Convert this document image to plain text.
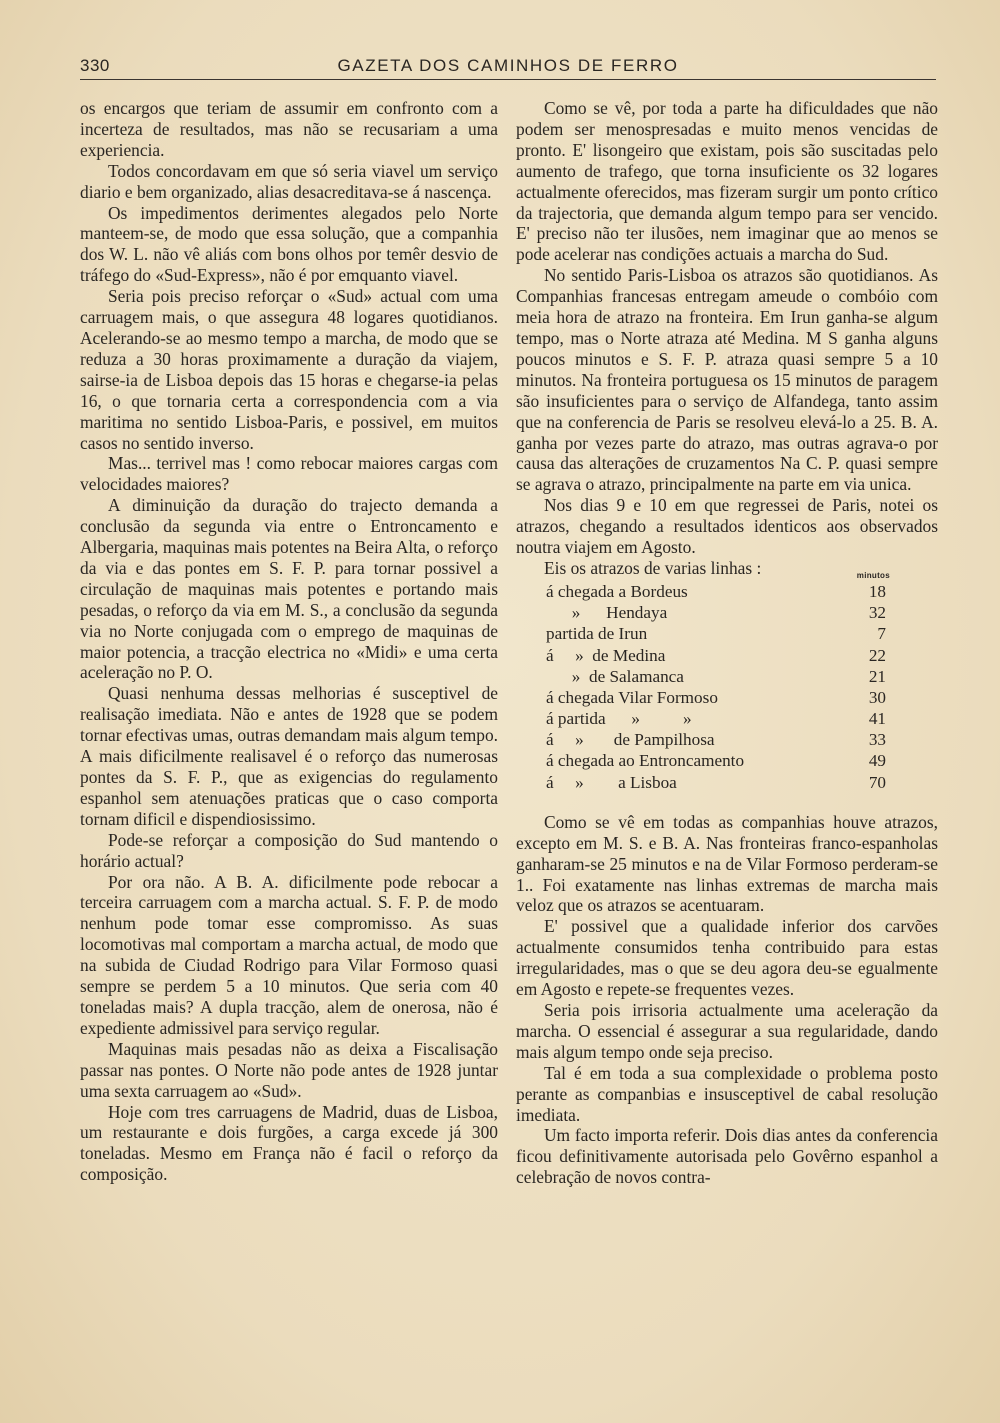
330	GAZETA DOS CAMINHOS DE FERRO

os encargos que teriam de assumir em confronto com a incerteza de resultados, mas não se recusariam a uma experiencia.

Todos concordavam em que só seria viavel um serviço diario e bem organizado, alias desacreditava-se á nascença.

Os impedimentos derimentes alegados pelo Norte manteem-se, de modo que essa solução, que a companhia dos W. L. não vê aliás com bons olhos por temêr desvio de tráfego do «Sud-Express», não é por emquanto viavel.

Seria pois preciso reforçar o «Sud» actual com uma carruagem mais, o que assegura 48 logares quotidianos. Acelerando-se ao mesmo tempo a marcha, de modo que se reduza a 30 horas proximamente a duração da viajem, sairse-ia de Lisboa depois das 15 horas e chegarse-ia pelas 16, o que tornaria certa a correspondencia com a via maritima no sentido Lisboa-Paris, e possivel, em muitos casos no sentido inverso.

Mas... terrivel mas ! como rebocar maiores cargas com velocidades maiores?

A diminuição da duração do trajecto demanda a conclusão da segunda via entre o Entroncamento e Albergaria, maquinas mais potentes na Beira Alta, o reforço da via e das pontes em S. F. P. para tornar possivel a circulação de maquinas mais potentes e portando mais pesadas, o reforço da via em M. S., a conclusão da segunda via no Norte conjugada com o emprego de maquinas de maior potencia, a tracção electrica no «Midi» e uma certa aceleração no P. O.

Quasi nenhuma dessas melhorias é susceptivel de realisação imediata. Não e antes de 1928 que se podem tornar efectivas umas, outras demandam mais algum tempo. A mais dificilmente realisavel é o reforço das numerosas pontes da S. F. P., que as exigencias do regulamento espanhol sem atenuações praticas que o caso comporta tornam dificil e dispendiosissimo.

Pode-se reforçar a composição do Sud mantendo o horário actual?

Por ora não. A B. A. dificilmente pode rebocar a terceira carruagem com a marcha actual. S. F. P. de modo nenhum pode tomar esse compromisso. As suas locomotivas mal comportam a marcha actual, de modo que na subida de Ciudad Rodrigo para Vilar Formoso quasi sempre se perdem 5 a 10 minutos. Que seria com 40 toneladas mais? A dupla tracção, alem de onerosa, não é expediente admissivel para serviço regular.

Maquinas mais pesadas não as deixa a Fiscalisação passar nas pontes. O Norte não pode antes de 1928 juntar uma sexta carruagem ao «Sud».

Hoje com tres carruagens de Madrid, duas de Lisboa, um restaurante e dois furgões, a carga excede já 300 toneladas. Mesmo em França não é facil o reforço da composição.

Como se vê, por toda a parte ha dificuldades que não podem ser menospresadas e muito menos vencidas de pronto. E' lisongeiro que existam, pois são suscitadas pelo aumento de trafego, que torna insuficiente os 32 logares actualmente oferecidos, mas fizeram surgir um ponto crítico da trajectoria, que demanda algum tempo para ser vencido. E' preciso não ter ilusões, nem imaginar que ao menos se pode acelerar nas condições actuais a marcha do Sud.

No sentido Paris-Lisboa os atrazos são quotidianos. As Companhias francesas entregam ameude o combóio com meia hora de atrazo na fronteira. Em Irun ganha-se algum tempo, mas o Norte atraza até Medina. M S ganha alguns poucos minutos e S. F. P. atraza quasi sempre 5 a 10 minutos. Na fronteira portuguesa os 15 minutos de paragem são insuficientes para o serviço de Alfandega, tanto assim que na conferencia de Paris se resolveu elevá-lo a 25. B. A. ganha por vezes parte do atrazo, mas outras agrava-o por causa das alterações de cruzamentos Na C. P. quasi sempre se agrava o atrazo, principalmente na parte em via unica.

Nos dias 9 e 10 em que regressei de Paris, notei os atrazos, chegando a resultados identicos aos observados noutra viajem em Agosto.

Eis os atrazos de varias linhas :	minutos
á chegada a Bordeus	18
»      Hendaya	32
partida de Irun	7
á     »  de Medina	22
»  de Salamanca	21
á chegada Vilar Formoso	30
á partida      »          »	41
á     »       de Pampilhosa	33
á chegada ao Entroncamento	49
á     »        a Lisboa	70

Como se vê em todas as companhias houve atrazos, excepto em M. S. e B. A. Nas fronteiras franco-espanholas ganharam-se 25 minutos e na de Vilar Formoso perderam-se 1.. Foi exatamente nas linhas extremas de marcha mais veloz que os atrazos se acentuaram.

E' possivel que a qualidade inferior dos carvões actualmente consumidos tenha contribuido para estas irregularidades, mas o que se deu agora deu-se egualmente em Agosto e repete-se frequentes vezes.

Seria pois irrisoria actualmente uma aceleração da marcha. O essencial é assegurar a sua regularidade, dando mais algum tempo onde seja preciso.

Tal é em toda a sua complexidade o problema posto perante as companbias e insusceptivel de cabal resolução imediata.

Um facto importa referir. Dois dias antes da conferencia ficou definitivamente autorisada pelo Govêrno espanhol a celebração de novos contra-
